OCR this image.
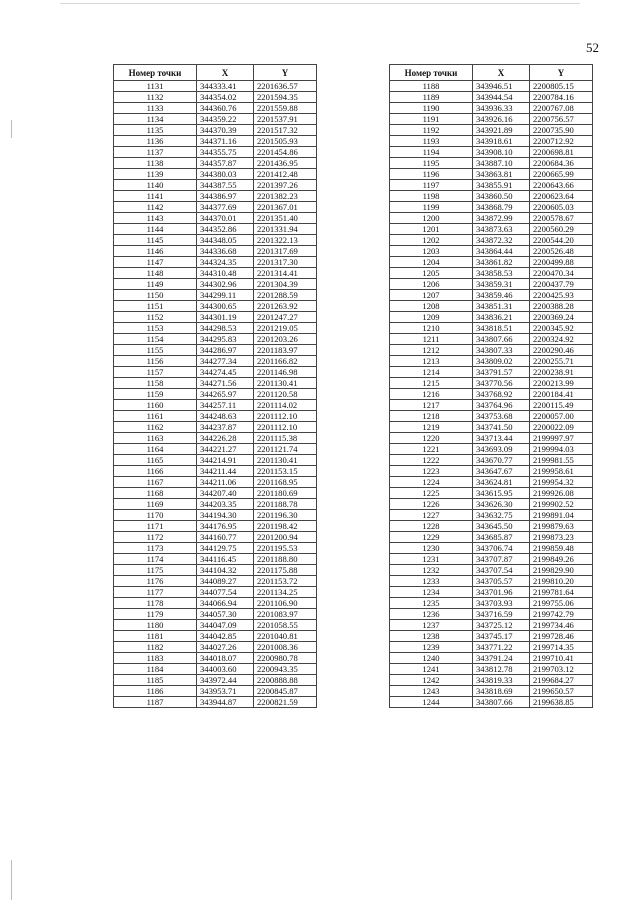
52
Номер точки	X	Y
1131	344333.41	2201636.57
1132	344354.02	2201594.35
1133	344360.76	2201559.88
1134	344359.22	2201537.91
1135	344370.39	2201517.32
1136	344371.16	2201505.93
1137	344355.75	2201454.86
1138	344357.87	2201436.95
1139	344380.03	2201412.48
1140	344387.55	2201397.26
1141	344386.97	2201382.23
1142	344377.69	2201367.01
1143	344370.01	2201351.40
1144	344352.86	2201331.94
1145	344348.05	2201322.13
1146	344336.68	2201317.69
1147	344324.35	2201317.30
1148	344310.48	2201314.41
1149	344302.96	2201304.39
1150	344299.11	2201288.59
1151	344300.65	2201263.92
1152	344301.19	2201247.27
1153	344298.53	2201219.05
1154	344295.83	2201203.26
1155	344286.97	2201183.97
1156	344277.34	2201166.82
1157	344274.45	2201146.98
1158	344271.56	2201130.41
1159	344265.97	2201120.58
1160	344257.11	2201114.02
1161	344248.63	2201112.10
1162	344237.87	2201112.10
1163	344226.28	2201115.38
1164	344221.27	2201121.74
1165	344214.91	2201130.41
1166	344211.44	2201153.15
1167	344211.06	2201168.95
1168	344207.40	2201180.69
1169	344203.35	2201188.78
1170	344194.30	2201196.30
1171	344176.95	2201198.42
1172	344160.77	2201200.94
1173	344129.75	2201195.53
1174	344116.45	2201188.80
1175	344104.32	2201175.88
1176	344089.27	2201153.72
1177	344077.54	2201134.25
1178	344066.94	2201106.90
1179	344057.30	2201083.97
1180	344047.09	2201058.55
1181	344042.85	2201040.81
1182	344027.26	2201008.36
1183	344018.07	2200980.78
1184	344003.60	2200943.35
1185	343972.44	2200888.88
1186	343953.71	2200845.87
1187	343944.87	2200821.59
Номер точки	X	Y
1188	343946.51	2200805.15
1189	343944.54	2200784.16
1190	343936.33	2200767.08
1191	343926.16	2200756.57
1192	343921.89	2200735.90
1193	343918.61	2200712.92
1194	343908.10	2200698.81
1195	343887.10	2200684.36
1196	343863.81	2200665.99
1197	343855.91	2200643.66
1198	343860.50	2200623.64
1199	343868.79	2200605.03
1200	343872.99	2200578.67
1201	343873.63	2200560.29
1202	343872.32	2200544.20
1203	343864.44	2200526.48
1204	343861.82	2200499.88
1205	343858.53	2200470.34
1206	343859.31	2200437.79
1207	343859.46	2200425.93
1208	343851.31	2200388.28
1209	343836.21	2200369.24
1210	343818.51	2200345.92
1211	343807.66	2200324.92
1212	343807.33	2200290.46
1213	343809.02	2200255.71
1214	343791.57	2200238.91
1215	343770.56	2200213.99
1216	343768.92	2200184.41
1217	343764.96	2200115.49
1218	343753.68	2200057.00
1219	343741.50	2200022.09
1220	343713.44	2199997.97
1221	343693.09	2199994.03
1222	343670.77	2199981.55
1223	343647.67	2199958.61
1224	343624.81	2199954.32
1225	343615.95	2199926.08
1226	343626.30	2199902.52
1227	343632.75	2199891.04
1228	343645.50	2199879.63
1229	343685.87	2199873.23
1230	343706.74	2199859.48
1231	343707.87	2199849.26
1232	343707.54	2199829.90
1233	343705.57	2199810.20
1234	343701.96	2199781.64
1235	343703.93	2199755.06
1236	343716.59	2199742.79
1237	343725.12	2199734.46
1238	343745.17	2199728.46
1239	343771.22	2199714.35
1240	343791.24	2199710.41
1241	343812.78	2199703.12
1242	343819.33	2199684.27
1243	343818.69	2199650.57
1244	343807.66	2199638.85
